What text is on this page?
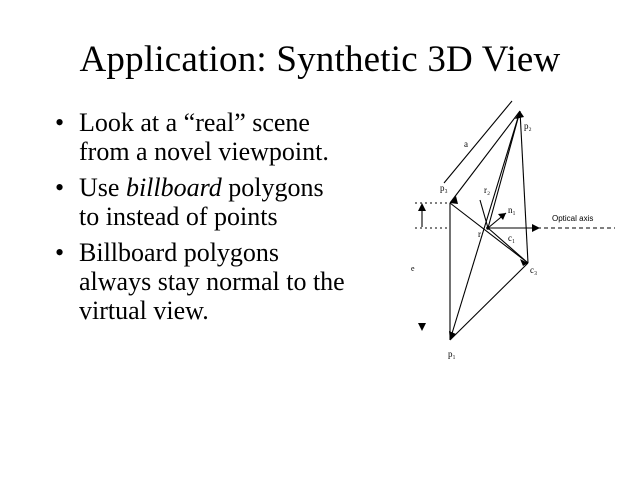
Application: Synthetic 3D View
• Look at a “real” scene
from a novel viewpoint.
• Use billboard polygons
to instead of points
• Billboard polygons
always stay normal to the
virtual view.
Optical axis
p₂
p₃	r₂
n₁
r	c₁
c₃
p₁
a
e
